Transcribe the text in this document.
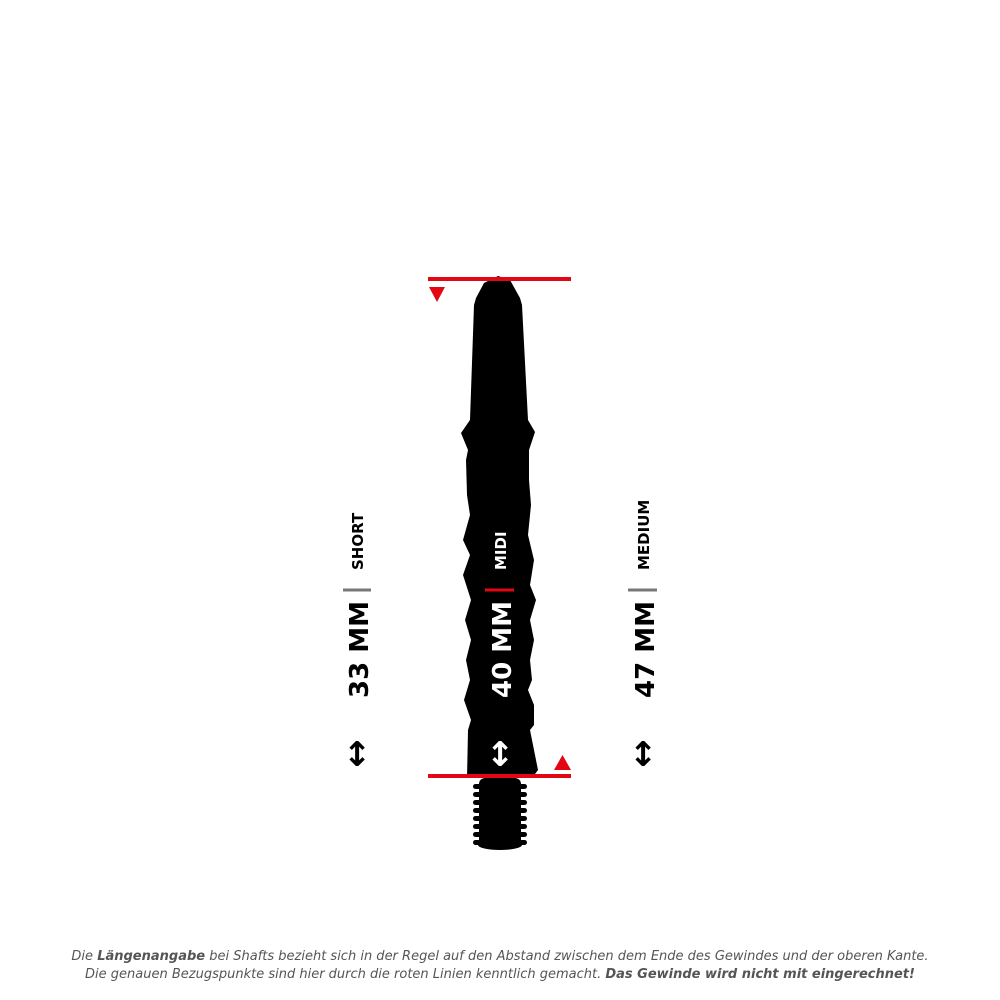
SHORT
33 MM
↕
MIDI
40 MM
↕
MEDIUM
47 MM
↕
Die Längenangabe bei Shafts bezieht sich in der Regel auf den Abstand zwischen dem Ende des Gewindes und der oberen Kante.
Die genauen Bezugspunkte sind hier durch die roten Linien kenntlich gemacht. Das Gewinde wird nicht mit eingerechnet!
